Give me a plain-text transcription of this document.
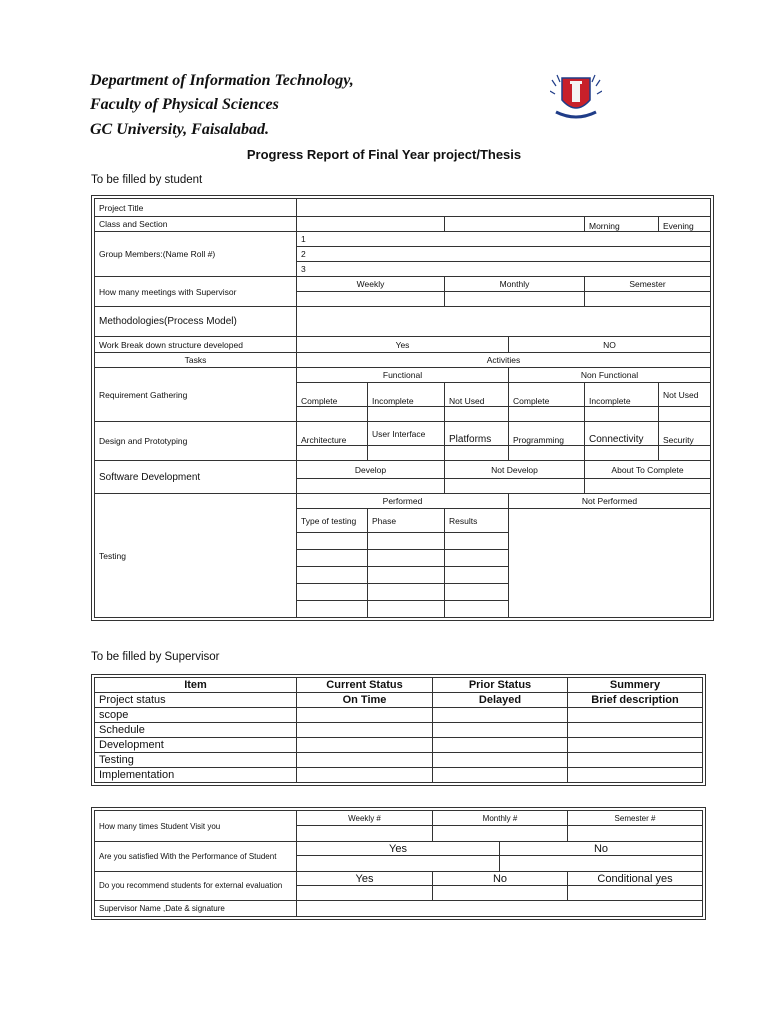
Department of Information Technology,
Faculty of Physical Sciences
GC University, Faisalabad.
Progress Report of Final Year project/Thesis
To be filled by student
Project Title						
Class and Section					Morning	Evening
Group Members:(Name Roll #)	1					
	2					
	3					
How many meetings with Supervisor	Weekly		Monthly		Semester	

Methodologies(Process Model)						
Work Break down structure developed	Yes			NO		
Tasks	Activities					
Requirement Gathering	Functional			Non Functional		
	Complete	Incomplete	Not Used	Complete	Incomplete	Not Used

Design and Prototyping	Architecture	User Interface	Platforms	Programming	Connectivity	Security

Software Development	Develop		Not Develop		About To Complete	

Testing	Performed			Not Performed		
	Type of testing	Phase	Results			

To be filled by Supervisor
Item	Current Status	Prior Status	Summery
Project status	On Time	Delayed	Brief description
scope			
Schedule			
Development			
Testing			
Implementation			
How many times Student Visit you	Weekly #	Monthly #		Semester #

Are you satisfied With the Performance of Student	Yes		No	

Do you recommend students for external evaluation	Yes	No		Conditional yes

Supervisor Name ,Date & signature				
